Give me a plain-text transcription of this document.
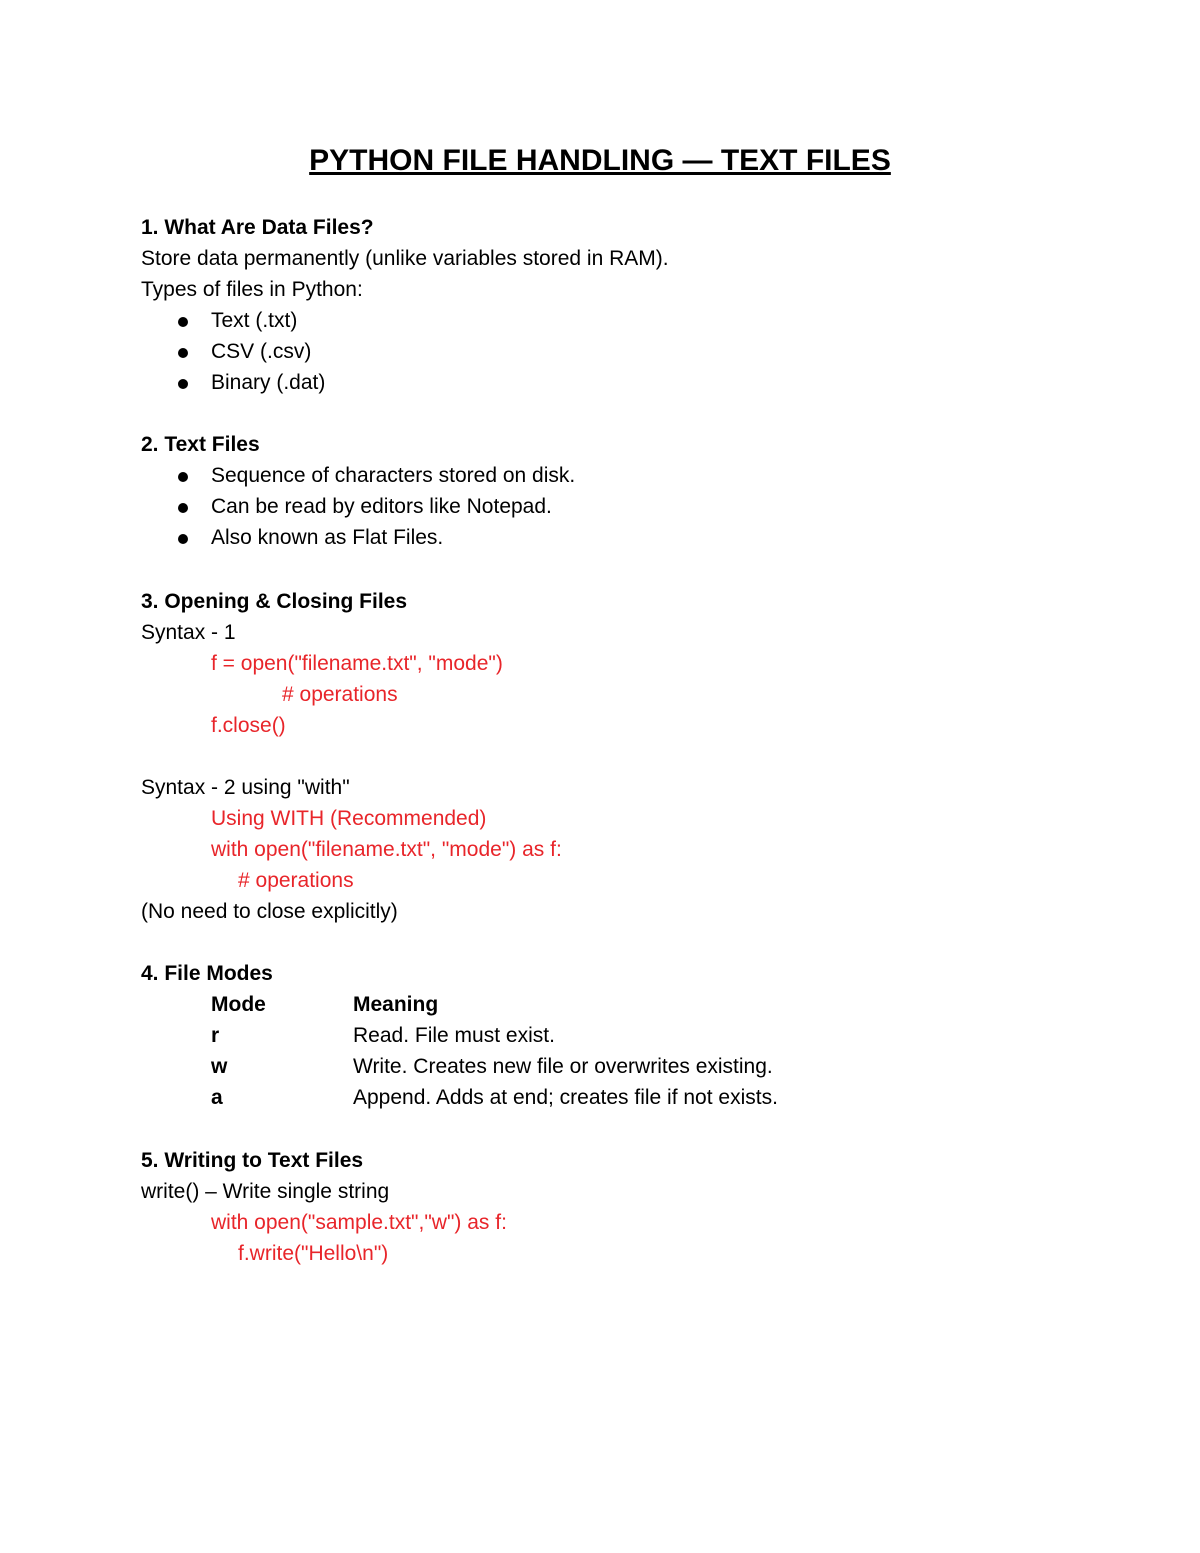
PYTHON FILE HANDLING — TEXT FILES
1. What Are Data Files?
Store data permanently (unlike variables stored in RAM).
Types of files in Python:
Text (.txt)
CSV (.csv)
Binary (.dat)
2. Text Files
Sequence of characters stored on disk.
Can be read by editors like Notepad.
Also known as Flat Files.
3. Opening & Closing Files
Syntax - 1
f = open("filename.txt", "mode")
# operations
f.close()
Syntax - 2 using "with"
Using WITH (Recommended)
with open("filename.txt", "mode") as f:
# operations
(No need to close explicitly)
4. File Modes
Mode	Meaning
r	Read. File must exist.
w	Write. Creates new file or overwrites existing.
a	Append. Adds at end; creates file if not exists.
5. Writing to Text Files
write() – Write single string
with open("sample.txt","w") as f:
f.write("Hello\n")
